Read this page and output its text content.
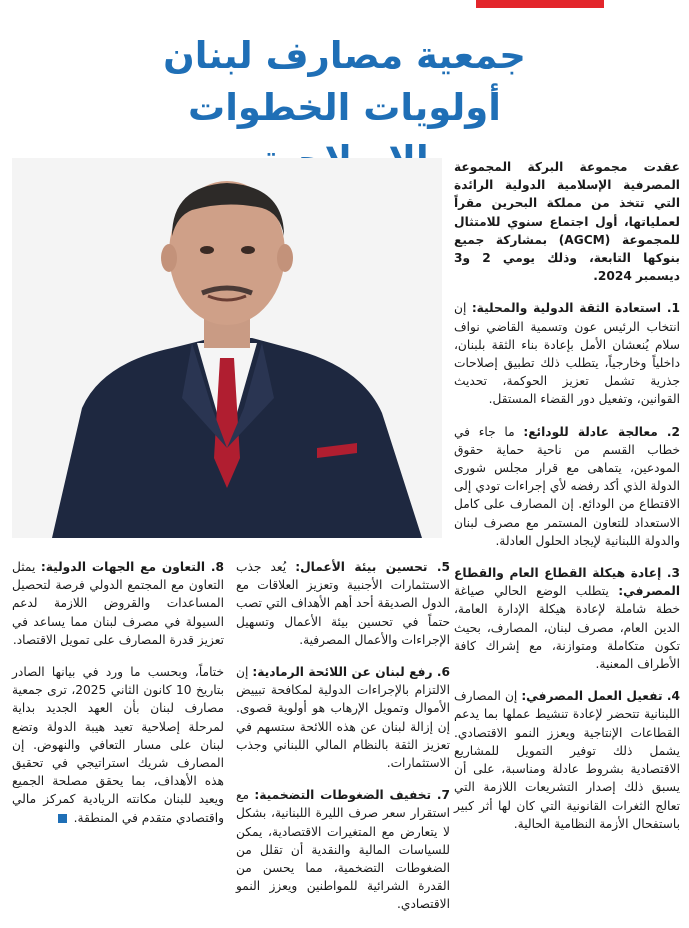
جمعية مصارف لبنان
أولويات الخطوات

عقدت مجموعة البركة المجموعة المصرفية الإسلامية الدولية الرائدة التي تتخذ من مملكة البحرين مقراً لعملياتها، أول اجتماع سنوي للامتثال للمجموعة (AGCM) بمشاركة جميع بنوكها التابعة، وذلك يومي 2 و3 ديسمبر 2024.

1. استعادة الثقة الدولية والمحلية: إن انتخاب الرئيس عون وتسمية القاضي نواف سلام يُنعشان الأمل بإعادة بناء الثقة بلبنان، داخلياً وخارجياً، يتطلب ذلك تطبيق إصلاحات جذرية تشمل تعزيز الحوكمة، تحديث القوانين، وتفعيل دور القضاء المستقل.
2. معالجة عادلة للودائع: ما جاء في خطاب القسم من ناحية حماية حقوق المودعين، يتماهى مع قرار مجلس شورى الدولة الذي أكد رفضه لأي إجراءات تودي إلى الاقتطاع من الودائع. إن المصارف على كامل الاستعداد للتعاون المستمر مع مصرف لبنان والدولة اللبنانية لإيجاد الحلول العادلة.
3. إعادة هيكلة القطاع العام والقطاع المصرفي: يتطلب الوضع الحالي صياغة خطة شاملة لإعادة هيكلة الإدارة العامة، الدين العام، مصرف لبنان، المصارف، بحيث تكون متكاملة ومتوازنة، مع إشراك كافة الأطراف المعنية.
4. تفعيل العمل المصرفي: إن المصارف اللبنانية تتحضر لإعادة تنشيط عملها بما يدعم القطاعات الإنتاجية ويعزز النمو الاقتصادي. يشمل ذلك توفير التمويل للمشاريع الاقتصادية بشروط عادلة ومناسبة، على أن يسبق ذلك إصدار التشريعات اللازمة التي تعالج الثغرات القانونية التي كان لها أثر كبير باستفحال الأزمة النظامية الحالية.
5. تحسين بيئة الأعمال: يُعد جذب الاستثمارات الأجنبية وتعزيز العلاقات مع الدول الصديقة أحد أهم الأهداف التي تصب حتماً في تحسين بيئة الأعمال وتسهيل الإجراءات والأعمال المصرفية.
6. رفع لبنان عن اللائحة الرمادية: إن الالتزام بالإجراءات الدولية لمكافحة تبييض الأموال وتمويل الإرهاب هو أولوية قصوى. إن إزالة لبنان عن هذه اللائحة ستسهم في تعزيز الثقة بالنظام المالي اللبناني وجذب الاستثمارات.
7. تخفيف الضغوطات التضخمية: مع استقرار سعر صرف الليرة اللبنانية، بشكل لا يتعارض مع المتغيرات الاقتصادية، يمكن للسياسات المالية والنقدية أن تقلل من الضغوطات التضخمية، مما يحسن من القدرة الشرائية للمواطنين ويعزز النمو الاقتصادي.
8. التعاون مع الجهات الدولية: يمثل التعاون مع المجتمع الدولي فرصة لتحصيل المساعدات والقروض اللازمة لدعم السيولة في مصرف لبنان مما يساعد في تعزيز قدرة المصارف على تمويل الاقتصاد.
ختاماً، وبحسب ما ورد في بيانها الصادر بتاريخ 10 كانون الثاني 2025، ترى جمعية مصارف لبنان بأن العهد الجديد بداية لمرحلة إصلاحية تعيد هيبة الدولة وتضع لبنان على مسار التعافي والنهوض. إن المصارف شريك استراتيجي في تحقيق هذه الأهداف، بما يحقق مصلحة الجميع ويعيد للبنان مكانته الريادية كمركز مالي واقتصادي متقدم في المنطقة.
